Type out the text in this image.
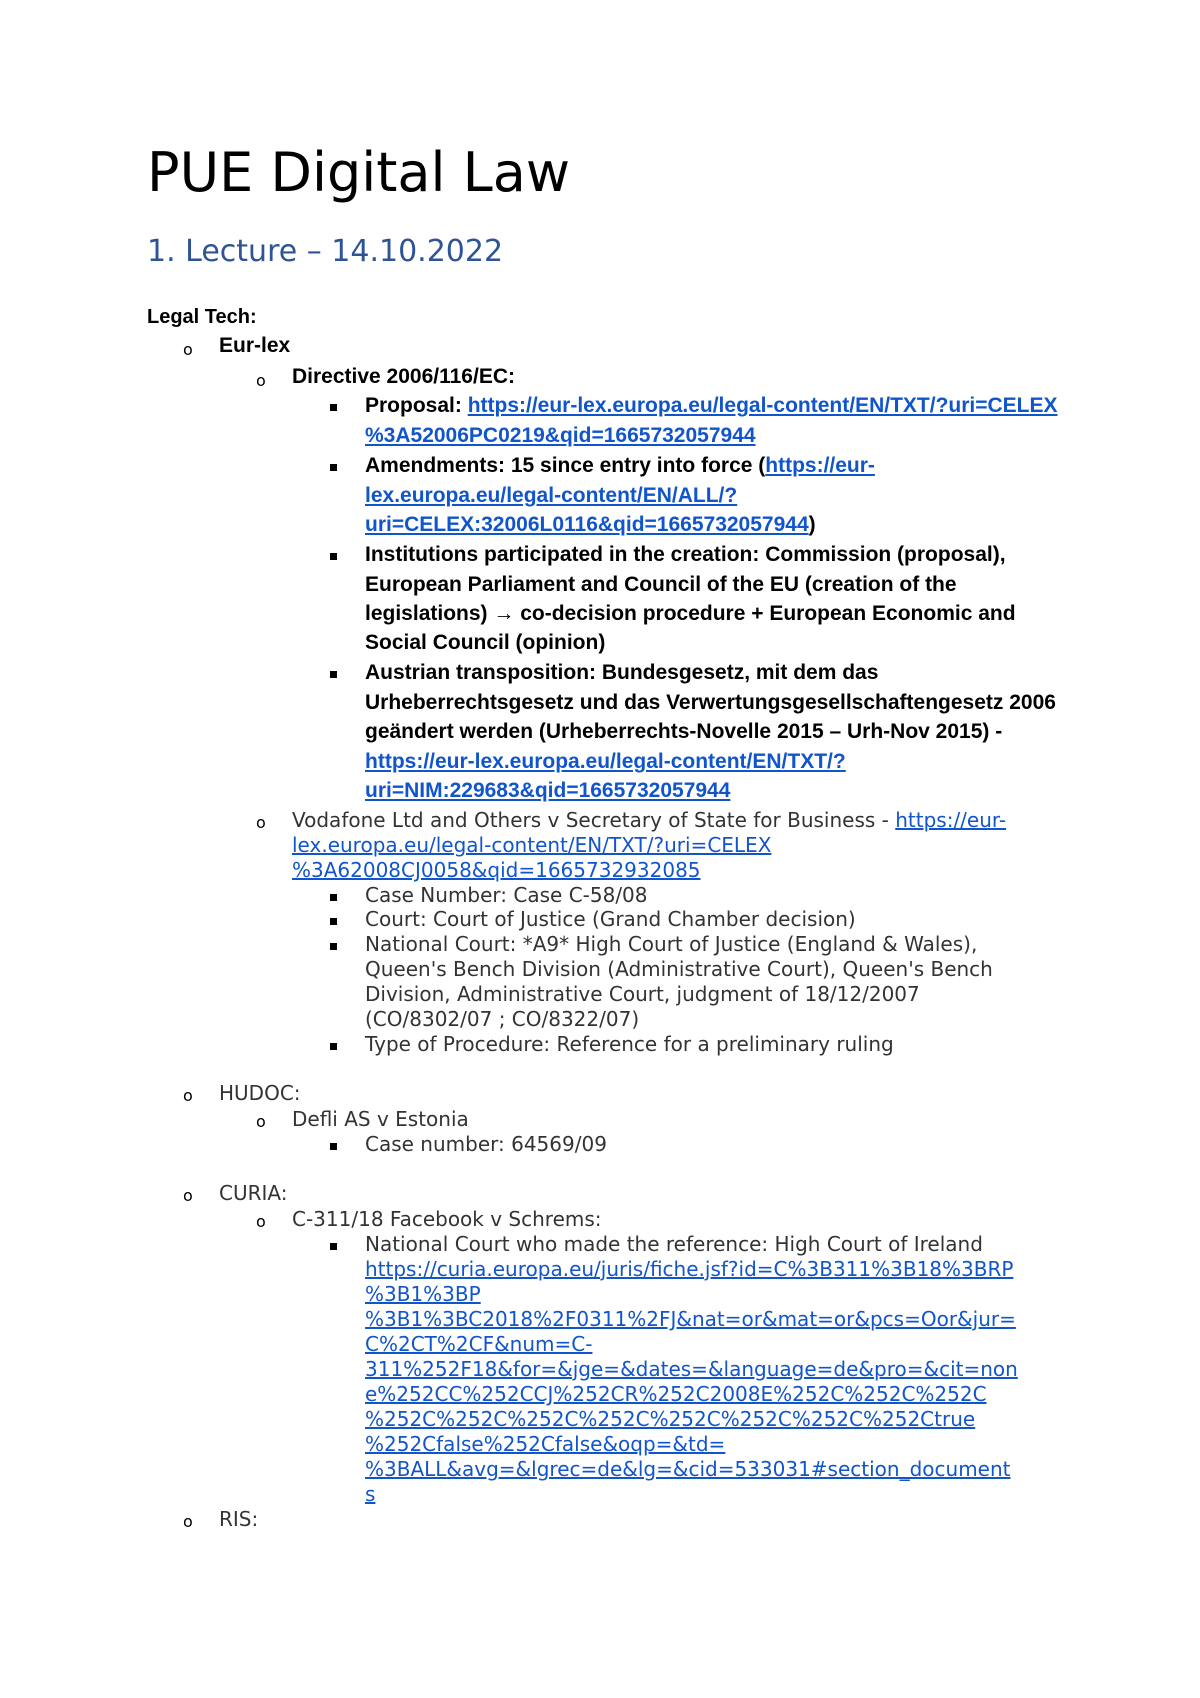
PUE Digital Law
1. Lecture – 14.10.2022
Legal Tech:
o Eur-lex
o Directive 2006/116/EC:
Proposal: https://eur-lex.europa.eu/legal-content/EN/TXT/?uri=CELEX
%3A52006PC0219&qid=1665732057944
Amendments: 15 since entry into force (https://eur-
lex.europa.eu/legal-content/EN/ALL/?
uri=CELEX:32006L0116&qid=1665732057944)
Institutions participated in the creation: Commission (proposal),
European Parliament and Council of the EU (creation of the
legislations) → co-decision procedure + European Economic and
Social Council (opinion)
Austrian transposition: Bundesgesetz, mit dem das
Urheberrechtsgesetz und das Verwertungsgesellschaftengesetz 2006
geändert werden (Urheberrechts-Novelle 2015 – Urh-Nov 2015) -
https://eur-lex.europa.eu/legal-content/EN/TXT/?
uri=NIM:229683&qid=1665732057944
o Vodafone Ltd and Others v Secretary of State for Business - https://eur-
lex.europa.eu/legal-content/EN/TXT/?uri=CELEX
%3A62008CJ0058&qid=1665732932085
Case Number: Case C-58/08
Court: Court of Justice (Grand Chamber decision)
National Court: *A9* High Court of Justice (England & Wales),
Queen's Bench Division (Administrative Court), Queen's Bench
Division, Administrative Court, judgment of 18/12/2007
(CO/8302/07 ; CO/8322/07)
Type of Procedure: Reference for a preliminary ruling
o HUDOC:
o Defli AS v Estonia
Case number: 64569/09
o CURIA:
o C-311/18 Facebook v Schrems:
National Court who made the reference: High Court of Ireland
https://curia.europa.eu/juris/fiche.jsf?id=C%3B311%3B18%3BRP
%3B1%3BP
%3B1%3BC2018%2F0311%2FJ&nat=or&mat=or&pcs=Oor&jur=
C%2CT%2CF&num=C-
311%252F18&for=&jge=&dates=&language=de&pro=&cit=non
e%252CC%252CCJ%252CR%252C2008E%252C%252C%252C
%252C%252C%252C%252C%252C%252C%252C%252Ctrue
%252Cfalse%252Cfalse&oqp=&td=
%3BALL&avg=&lgrec=de&lg=&cid=533031#section_document
s
o RIS:
